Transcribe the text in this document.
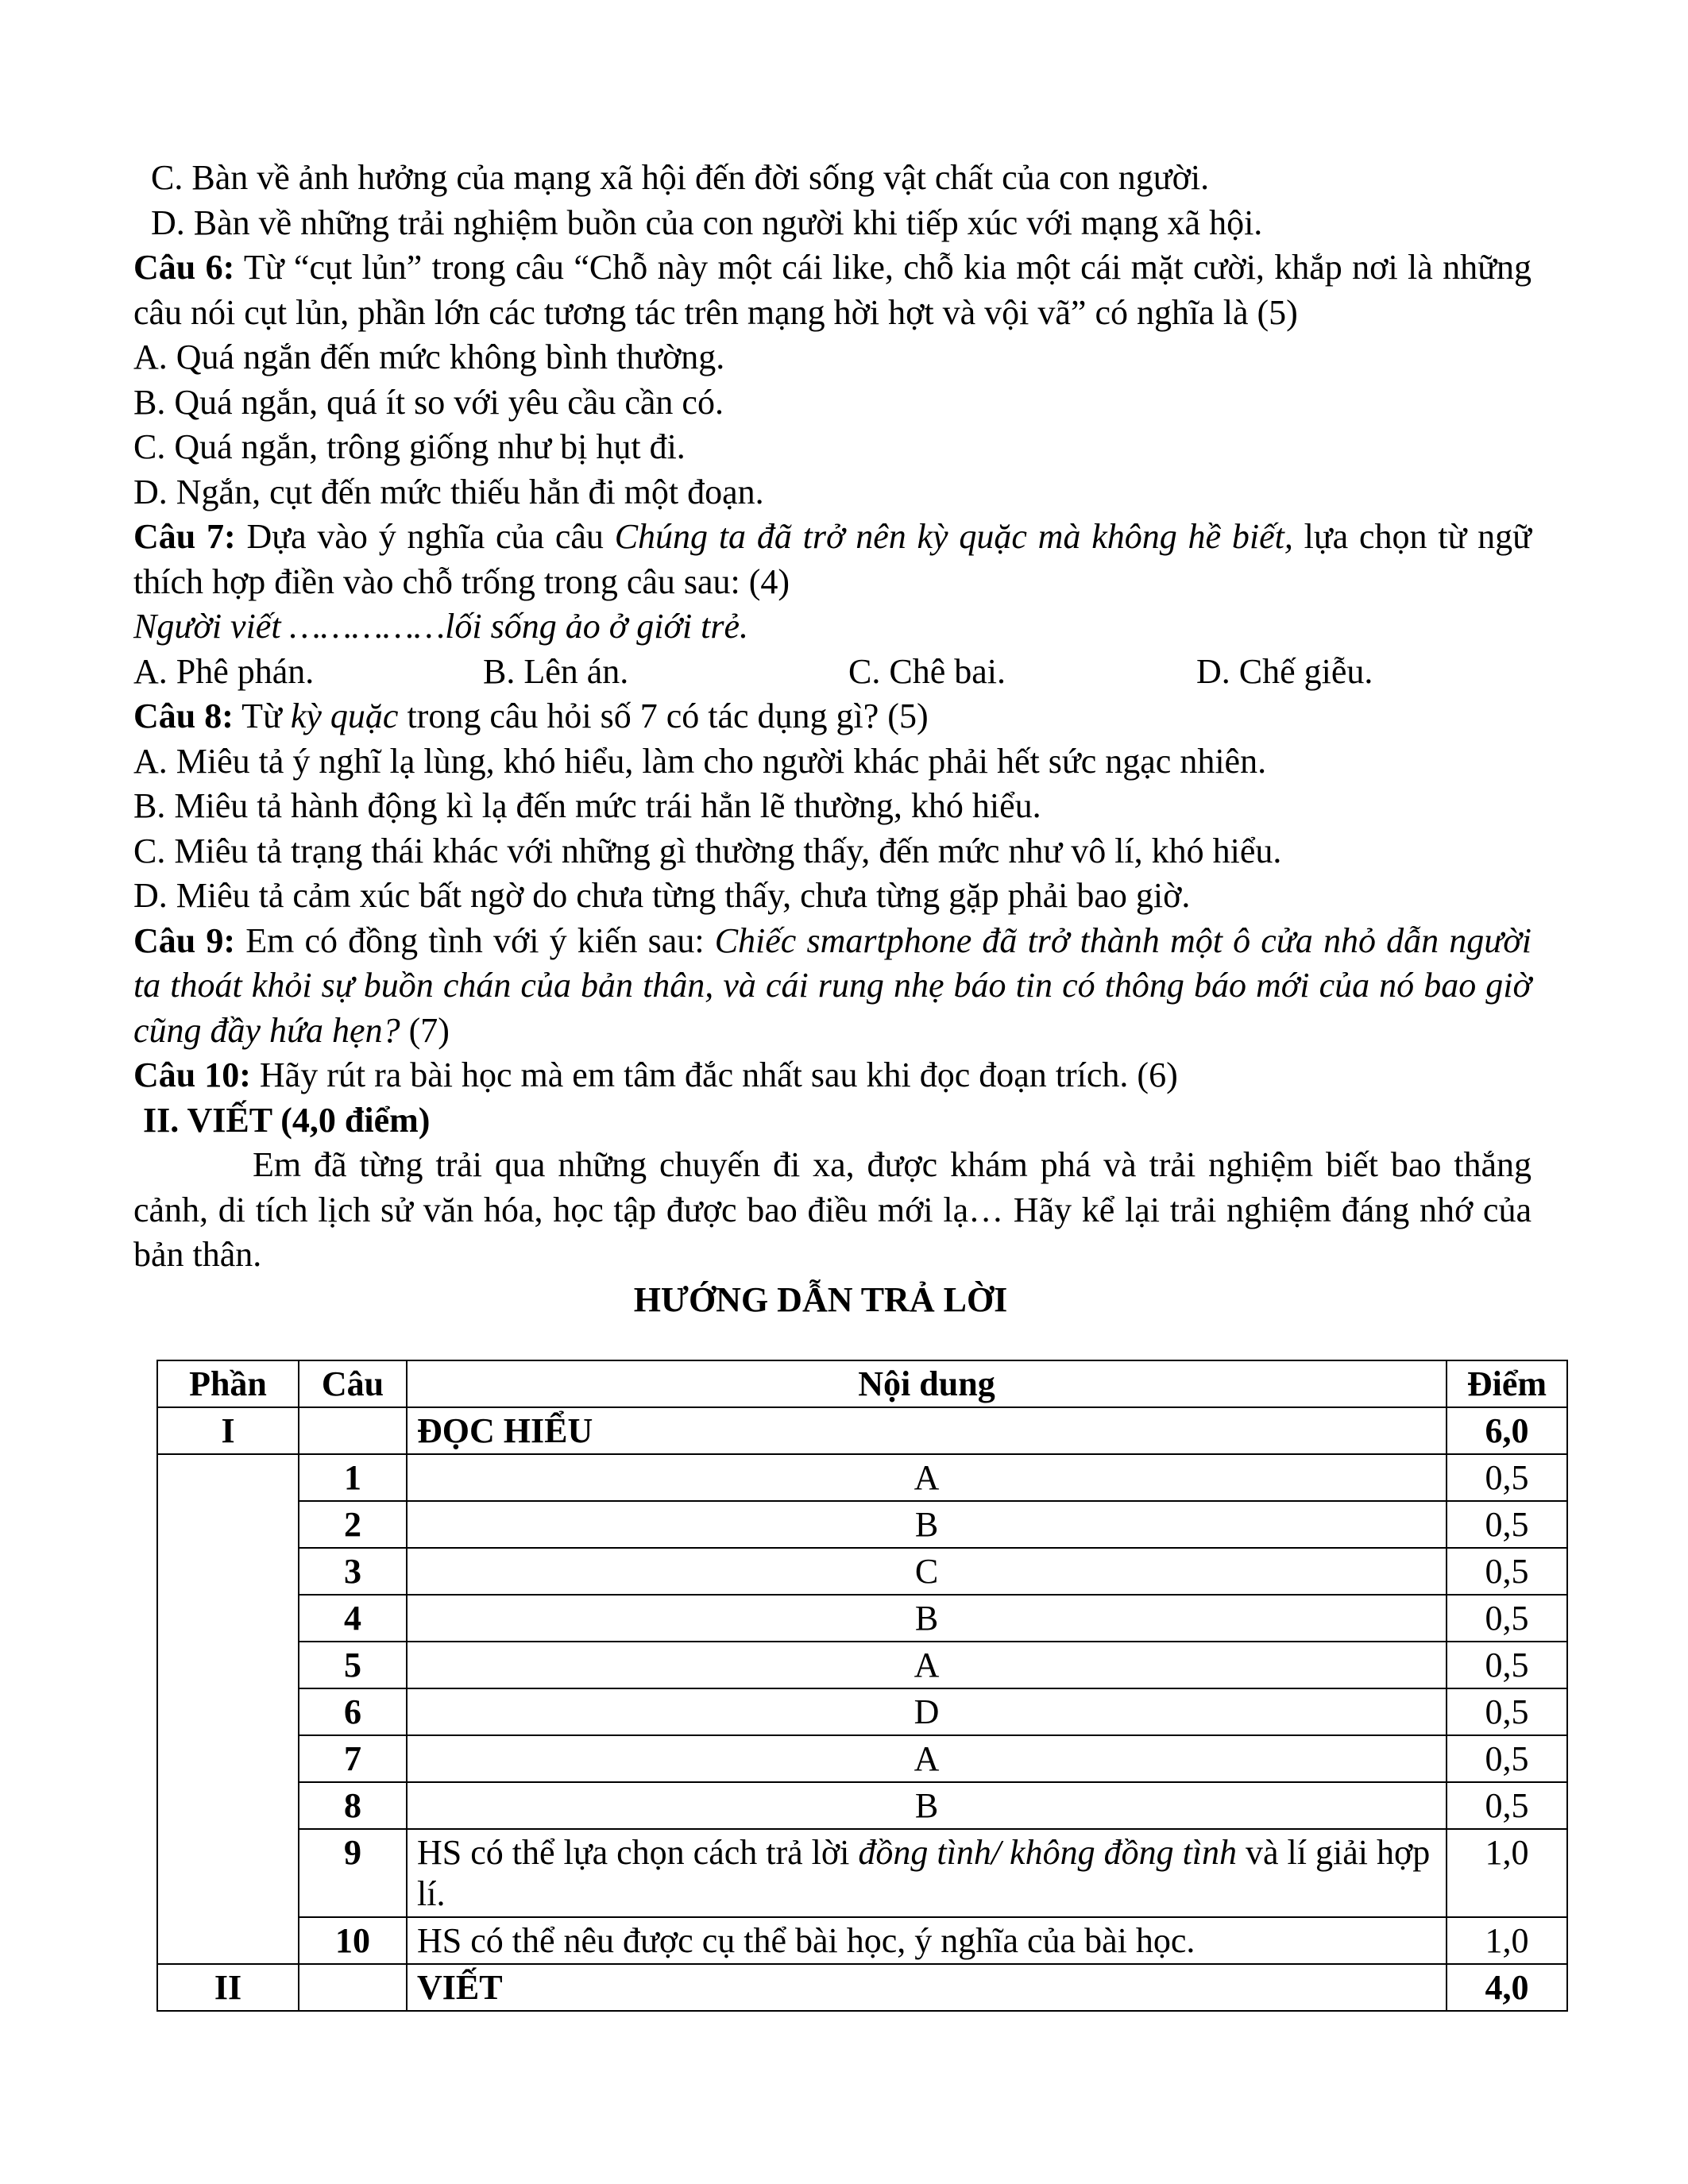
C. Bàn về ảnh hưởng của mạng xã hội đến đời sống vật chất của con người.

D. Bàn về những trải nghiệm buồn của con người khi tiếp xúc với mạng xã hội.

Câu 6: Từ “cụt lủn” trong câu “Chỗ này một cái like, chỗ kia một cái mặt cười, khắp nơi là những câu nói cụt lủn, phần lớn các tương tác trên mạng hời hợt và vội vã” có nghĩa là (5)

A. Quá ngắn đến mức không bình thường.

B. Quá ngắn, quá ít so với yêu cầu cần có.

C. Quá ngắn, trông giống như bị hụt đi.

D. Ngắn, cụt đến mức thiếu hẳn đi một đoạn.

Câu 7: Dựa vào ý nghĩa của câu Chúng ta đã trở nên kỳ quặc mà không hề biết, lựa chọn từ ngữ thích hợp điền vào chỗ trống trong câu sau: (4)

Người viết ……………lối sống ảo ở giới trẻ.

A. Phê phán.	B. Lên án.	C. Chê bai.	D. Chế giễu.

Câu 8: Từ kỳ quặc trong câu hỏi số 7 có tác dụng gì? (5)

A. Miêu tả ý nghĩ lạ lùng, khó hiểu, làm cho người khác phải hết sức ngạc nhiên.

B. Miêu tả hành động kì lạ đến mức trái hẳn lẽ thường, khó hiểu.

C. Miêu tả trạng thái khác với những gì thường thấy, đến mức như vô lí, khó hiểu.

D. Miêu tả cảm xúc bất ngờ do chưa từng thấy, chưa từng gặp phải bao giờ.

Câu 9: Em có đồng tình với ý kiến sau: Chiếc smartphone đã trở thành một ô cửa nhỏ dẫn người ta thoát khỏi sự buồn chán của bản thân, và cái rung nhẹ báo tin có thông báo mới của nó bao giờ cũng đầy hứa hẹn? (7)

Câu 10: Hãy rút ra bài học mà em tâm đắc nhất sau khi đọc đoạn trích. (6)

II. VIẾT (4,0 điểm)

Em đã từng trải qua những chuyến đi xa, được khám phá và trải nghiệm biết bao thắng cảnh, di tích lịch sử văn hóa, học tập được bao điều mới lạ… Hãy kể lại trải nghiệm đáng nhớ của bản thân.

HƯỚNG DẪN TRẢ LỜI

Phần	Câu	Nội dung	Điểm
I		ĐỌC HIỂU	6,0
	1	A	0,5
	2	B	0,5
	3	C	0,5
	4	B	0,5
	5	A	0,5
	6	D	0,5
	7	A	0,5
	8	B	0,5
	9	HS có thể lựa chọn cách trả lời đồng tình/ không đồng tình và lí giải hợp lí.	1,0
	10	HS có thể nêu được cụ thể bài học, ý nghĩa của bài học.	1,0
II		VIẾT	4,0
